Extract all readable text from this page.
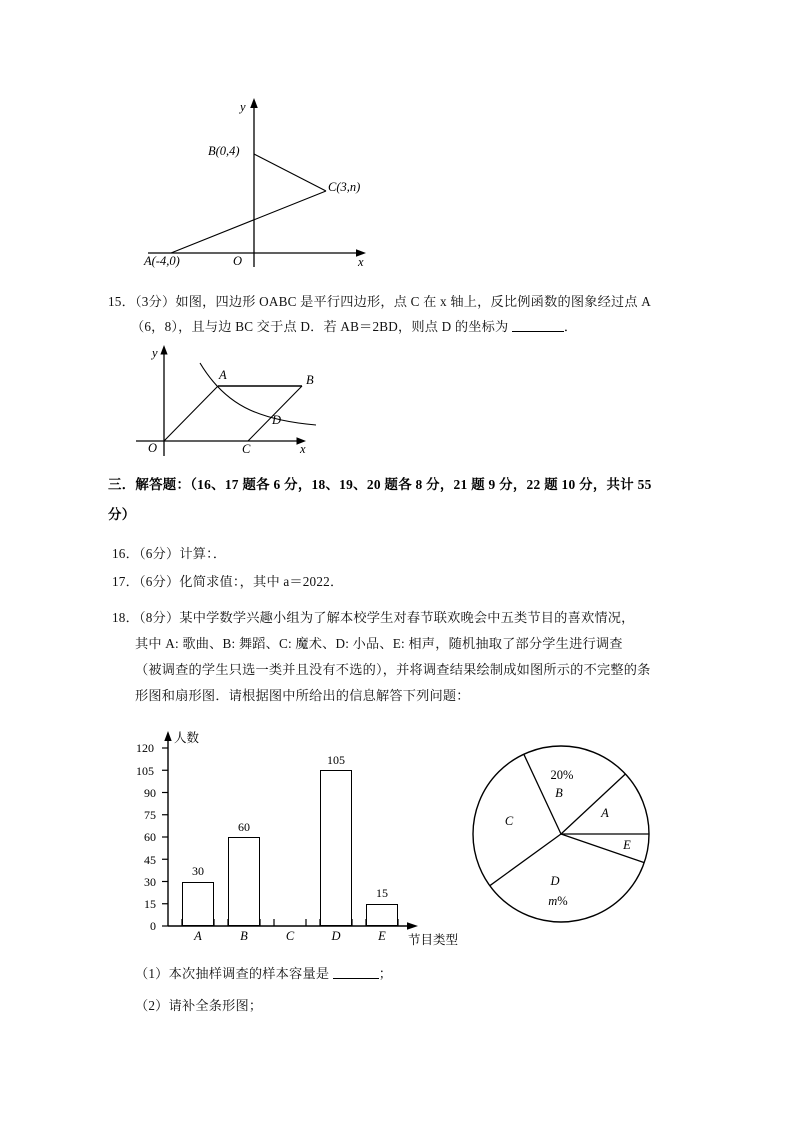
y
x
O
B(0,4)
C(3,n)
A(-4,0)
15．（3分）如图，四边形 OABC 是平行四边形，点 C 在 x 轴上，反比例函数的图象经过点 A
（6，8），且与边 BC 交于点 D．若 AB＝2BD，则点 D 的坐标为	．
y
x
O
A	B
C
D
三．解答题：（16、17 题各 6 分，18、19、20 题各 8 分，21 题 9 分，22 题 10 分，共计 55
分）
16．（6分）计算：．
17．（6分）化简求值：，其中 a＝2022．
18．（8分）某中学数学兴趣小组为了解本校学生对春节联欢晚会中五类节目的喜欢情况，
其中 A: 歌曲、B: 舞蹈、C: 魔术、D: 小品、E: 相声，随机抽取了部分学生进行调查
（被调查的学生只选一类并且没有不选的），并将调查结果绘制成如图所示的不完整的条
形图和扇形图．请根据图中所给出的信息解答下列问题：
0
15
30
45
60
75
90
105
120
人数
节目类型
30
60
105
15
A	B	C	D	E
20%
B
A
E
C
D
m%
（1）本次抽样调查的样本容量是	；
（2）请补全条形图；
